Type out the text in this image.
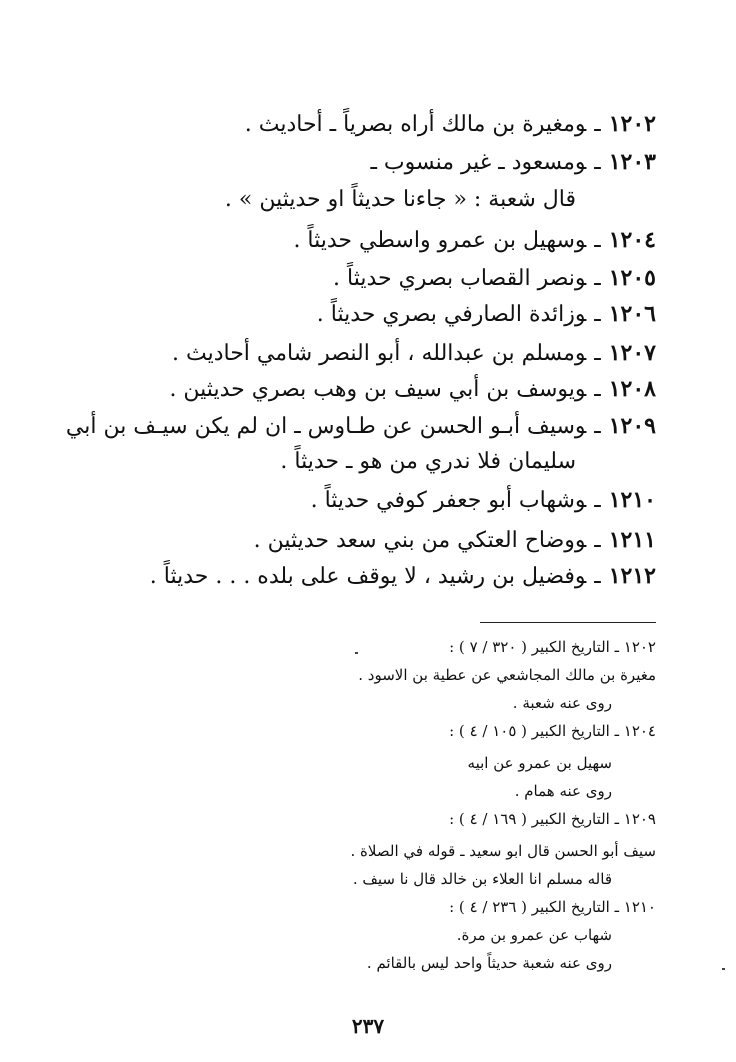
١٢٠٢ـومغيرة بن مالك أراه بصرياً ـ أحاديث .
١٢٠٣ـومسعود ـ غير منسوب ـ
قال شعبة : « جاءنا حديثاً او حديثين » .
١٢٠٤ـوسهيل بن عمرو واسطي حديثاً .
١٢٠٥ـونصر القصاب بصري حديثاً .
١٢٠٦ـوزائدة الصارفي بصري حديثاً .
١٢٠٧ـومسلم بن عبدالله ، أبو النصر شامي أحاديث .
١٢٠٨ـويوسف بن أبي سيف بن وهب بصري حديثين .
١٢٠٩ـوسيف أبـو الحسن عن طـاوس ـ ان لم يكن سيـف بن أبي
سليمان فلا ندري من هو ـ حديثاً .
١٢١٠ـوشهاب أبو جعفر كوفي حديثاً .
١٢١١ـووضاح العتكي من بني سعد حديثين .
١٢١٢ـوفضيل بن رشيد ، لا يوقف على بلده . . . حديثاً .
١٢٠٢ ـ التاريخ الكبير ( ٣٢٠ / ٧ ) :
مغيرة بن مالك المجاشعي عن عطية بن الاسود .
روى عنه شعبة .
١٢٠٤ ـ التاريخ الكبير ( ١٠٥ / ٤ ) :
سهيل بن عمرو عن ابيه
روى عنه همام .
١٢٠٩ ـ التاريخ الكبير ( ١٦٩ / ٤ ) :
سيف أبو الحسن قال ابو سعيد ـ قوله في الصلاة .
قاله مسلم انا العلاء بن خالد قال نا سيف .
١٢١٠ ـ التاريخ الكبير ( ٢٣٦ / ٤ ) :
شهاب عن عمرو بن مرة.
روى عنه شعبة حديثاً واحد ليس بالقائم .
٢٣٧
